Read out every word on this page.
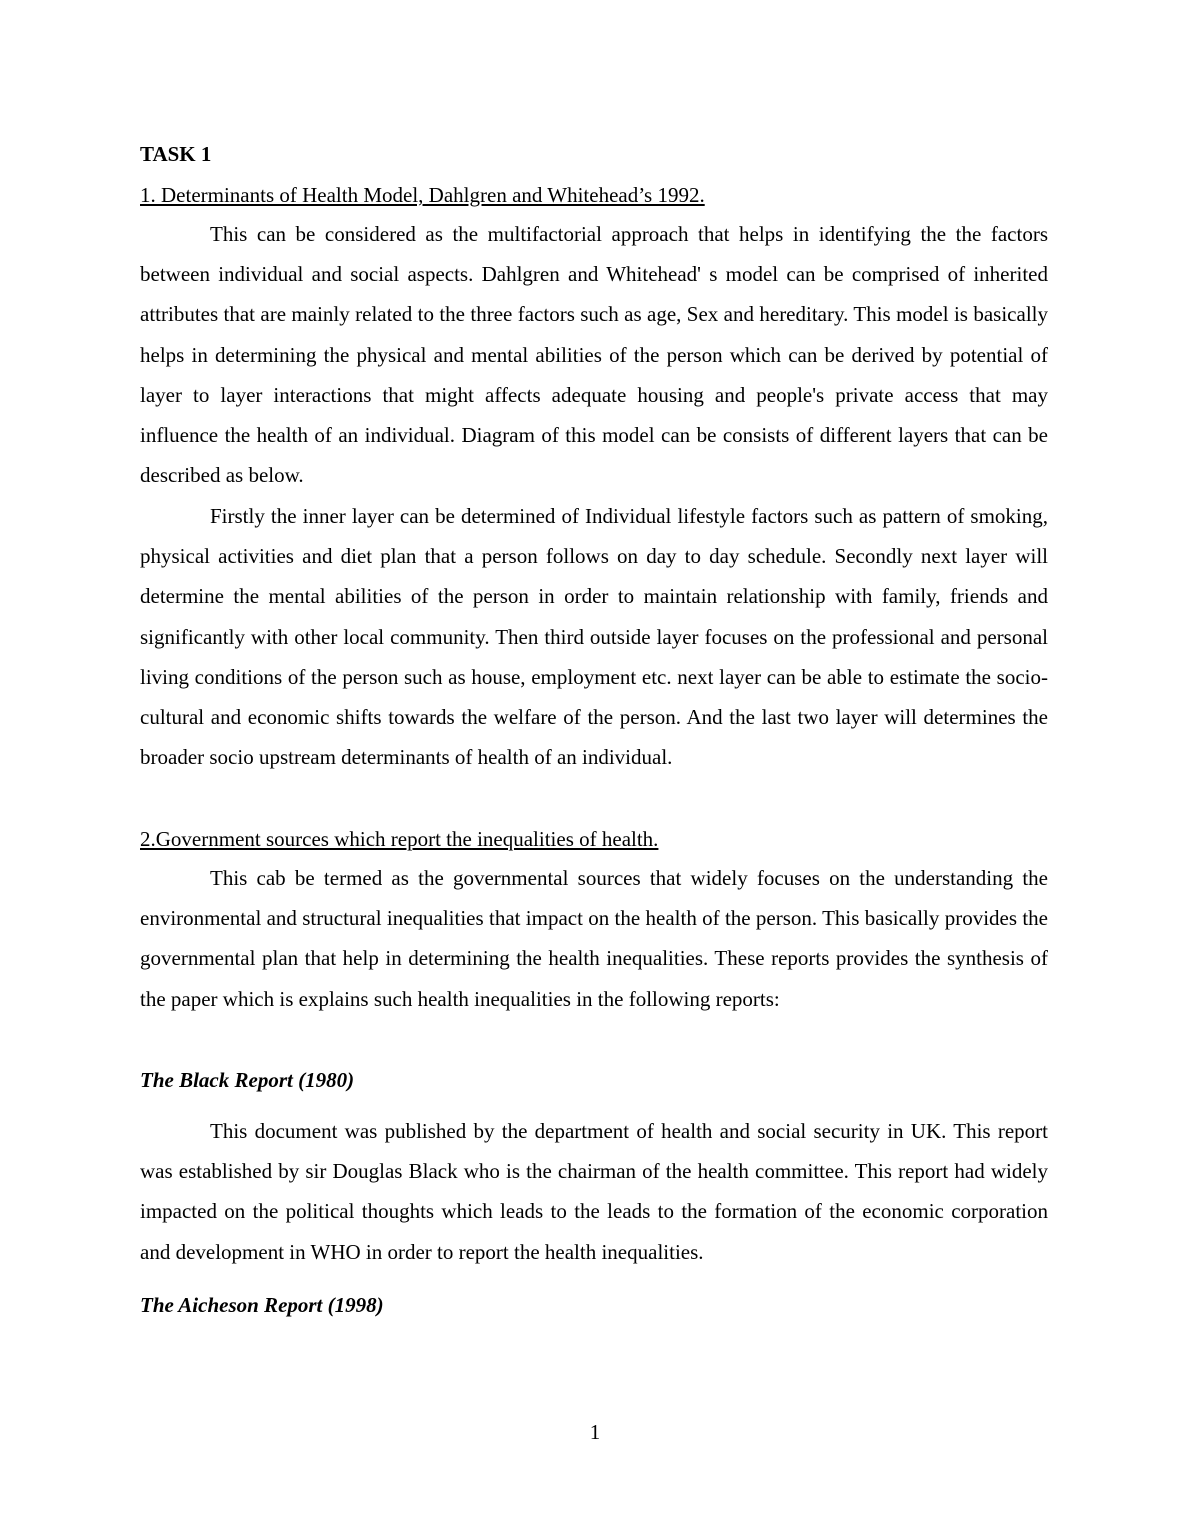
TASK 1

1. Determinants of Health Model, Dahlgren and Whitehead’s 1992.

This can be considered as the multifactorial approach that helps in identifying the the factors between individual and social aspects. Dahlgren and Whitehead' s model can be comprised of inherited attributes that are mainly related to the three factors such as age, Sex and hereditary. This model is basically helps in determining the physical and mental abilities of the person which can be derived by potential of layer to layer interactions that might affects adequate housing and people's private access that may influence the health of an individual. Diagram of this model can be consists of different layers that can be described as below.

Firstly the inner layer can be determined of Individual lifestyle factors such as pattern of smoking, physical activities and diet plan that a person follows on day to day schedule. Secondly next layer will determine the mental abilities of the person in order to maintain relationship with family, friends and significantly with other local community. Then third outside layer focuses on the professional and personal living conditions of the person such as house, employment etc. next layer can be able to estimate the socio-cultural and economic shifts towards the welfare of the person. And the last two layer will determines the broader socio upstream determinants of health of an individual.

2.Government sources which report the inequalities of health.

This cab be termed as the governmental sources that widely focuses on the understanding the environmental and structural inequalities that impact on the health of the person. This basically provides the governmental plan that help in determining the health inequalities. These reports provides the synthesis of the paper which is explains such health inequalities in the following reports:

The Black Report (1980)

This document was published by the department of health and social security in UK. This report was established by sir Douglas Black who is the chairman of the health committee. This report had widely impacted on the political thoughts which leads to the leads to the formation of the economic corporation and development in WHO in order to report the health inequalities.

The Aicheson Report (1998)

1
